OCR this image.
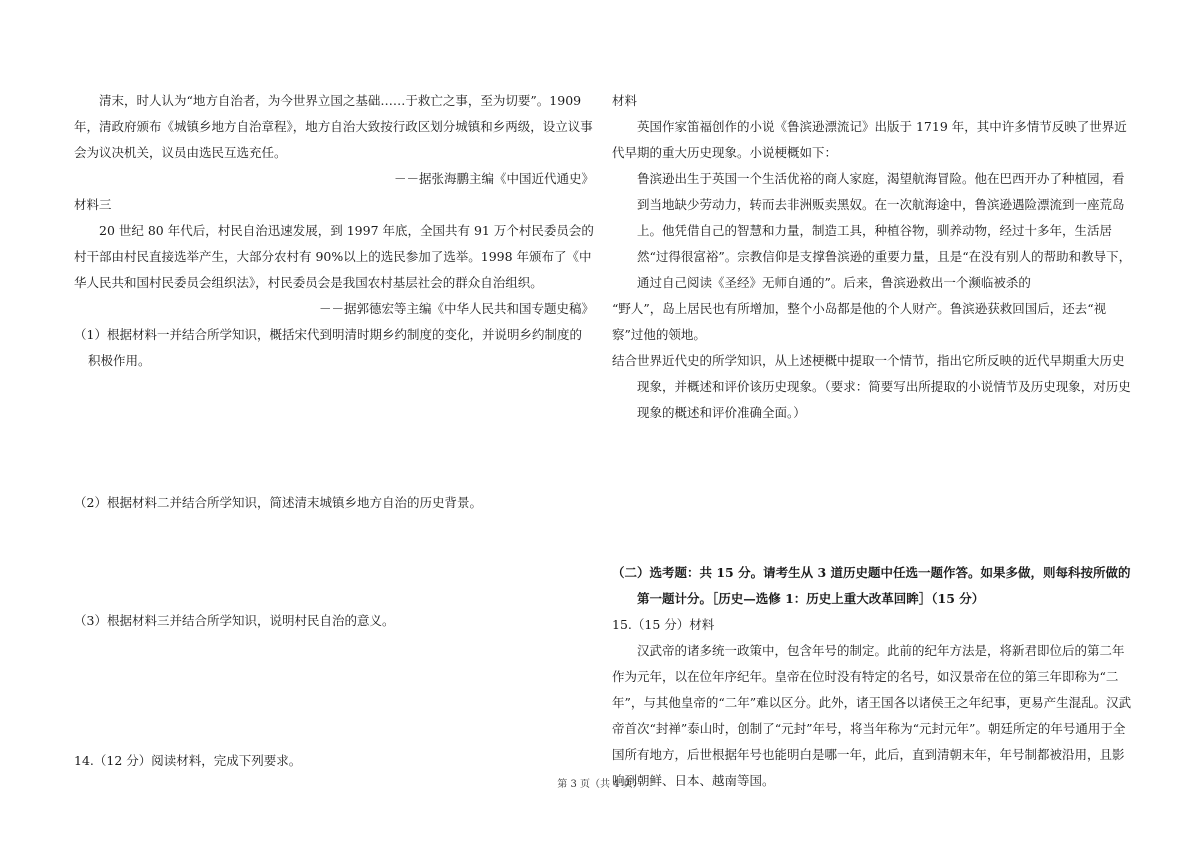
清末，时人认为“地方自治者，为今世界立国之基础……于救亡之事，至为切要”。1909 年，清政府颁布《城镇乡地方自治章程》，地方自治大致按行政区划分城镇和乡两级，设立议事会为议决机关，议员由选民互选充任。

－－据张海鹏主编《中国近代通史》

材料三

20 世纪 80 年代后，村民自治迅速发展，到 1997 年底，全国共有 91 万个村民委员会的村干部由村民直接选举产生，大部分农村有 90%以上的选民参加了选举。1998 年颁布了《中华人民共和国村民委员会组织法》，村民委员会是我国农村基层社会的群众自治组织。

－－据郭德宏等主编《中华人民共和国专题史稿》

（1）根据材料一并结合所学知识，概括宋代到明清时期乡约制度的变化，并说明乡约制度的积极作用。

（2）根据材料二并结合所学知识，简述清末城镇乡地方自治的历史背景。

（3）根据材料三并结合所学知识，说明村民自治的意义。

14.（12 分）阅读材料，完成下列要求。

材料

英国作家笛福创作的小说《鲁滨逊漂流记》出版于 1719 年，其中许多情节反映了世界近代早期的重大历史现象。小说梗概如下：

鲁滨逊出生于英国一个生活优裕的商人家庭，渴望航海冒险。他在巴西开办了种植园，看到当地缺少劳动力，转而去非洲贩卖黑奴。在一次航海途中，鲁滨逊遇险漂流到一座荒岛上。他凭借自己的智慧和力量，制造工具，种植谷物，驯养动物，经过十多年，生活居然“过得很富裕”。宗教信仰是支撑鲁滨逊的重要力量，且是“在没有别人的帮助和教导下，通过自己阅读《圣经》无师自通的”。后来，鲁滨逊救出一个濒临被杀的

“野人”，岛上居民也有所增加，整个小岛都是他的个人财产。鲁滨逊获救回国后，还去“视察”过他的领地。

结合世界近代史的所学知识，从上述梗概中提取一个情节，指出它所反映的近代早期重大历史现象，并概述和评价该历史现象。（要求：简要写出所提取的小说情节及历史现象，对历史现象的概述和评价准确全面。）

（二）选考题：共 15 分。请考生从 3 道历史题中任选一题作答。如果多做，则每科按所做的第一题计分。［历史—选修 1：历史上重大改革回眸］（15 分）

15.（15 分）材料

汉武帝的诸多统一政策中，包含年号的制定。此前的纪年方法是，将新君即位后的第二年作为元年，以在位年序纪年。皇帝在位时没有特定的名号，如汉景帝在位的第三年即称为“二年”，与其他皇帝的“二年”难以区分。此外，诸王国各以诸侯王之年纪事，更易产生混乱。汉武帝首次“封禅”泰山时，创制了“元封”年号，将当年称为“元封元年”。朝廷所定的年号通用于全国所有地方，后世根据年号也能明白是哪一年，此后，直到清朝末年，年号制都被沿用，且影响到朝鲜、日本、越南等国。

第 3 页（共 4 页）
